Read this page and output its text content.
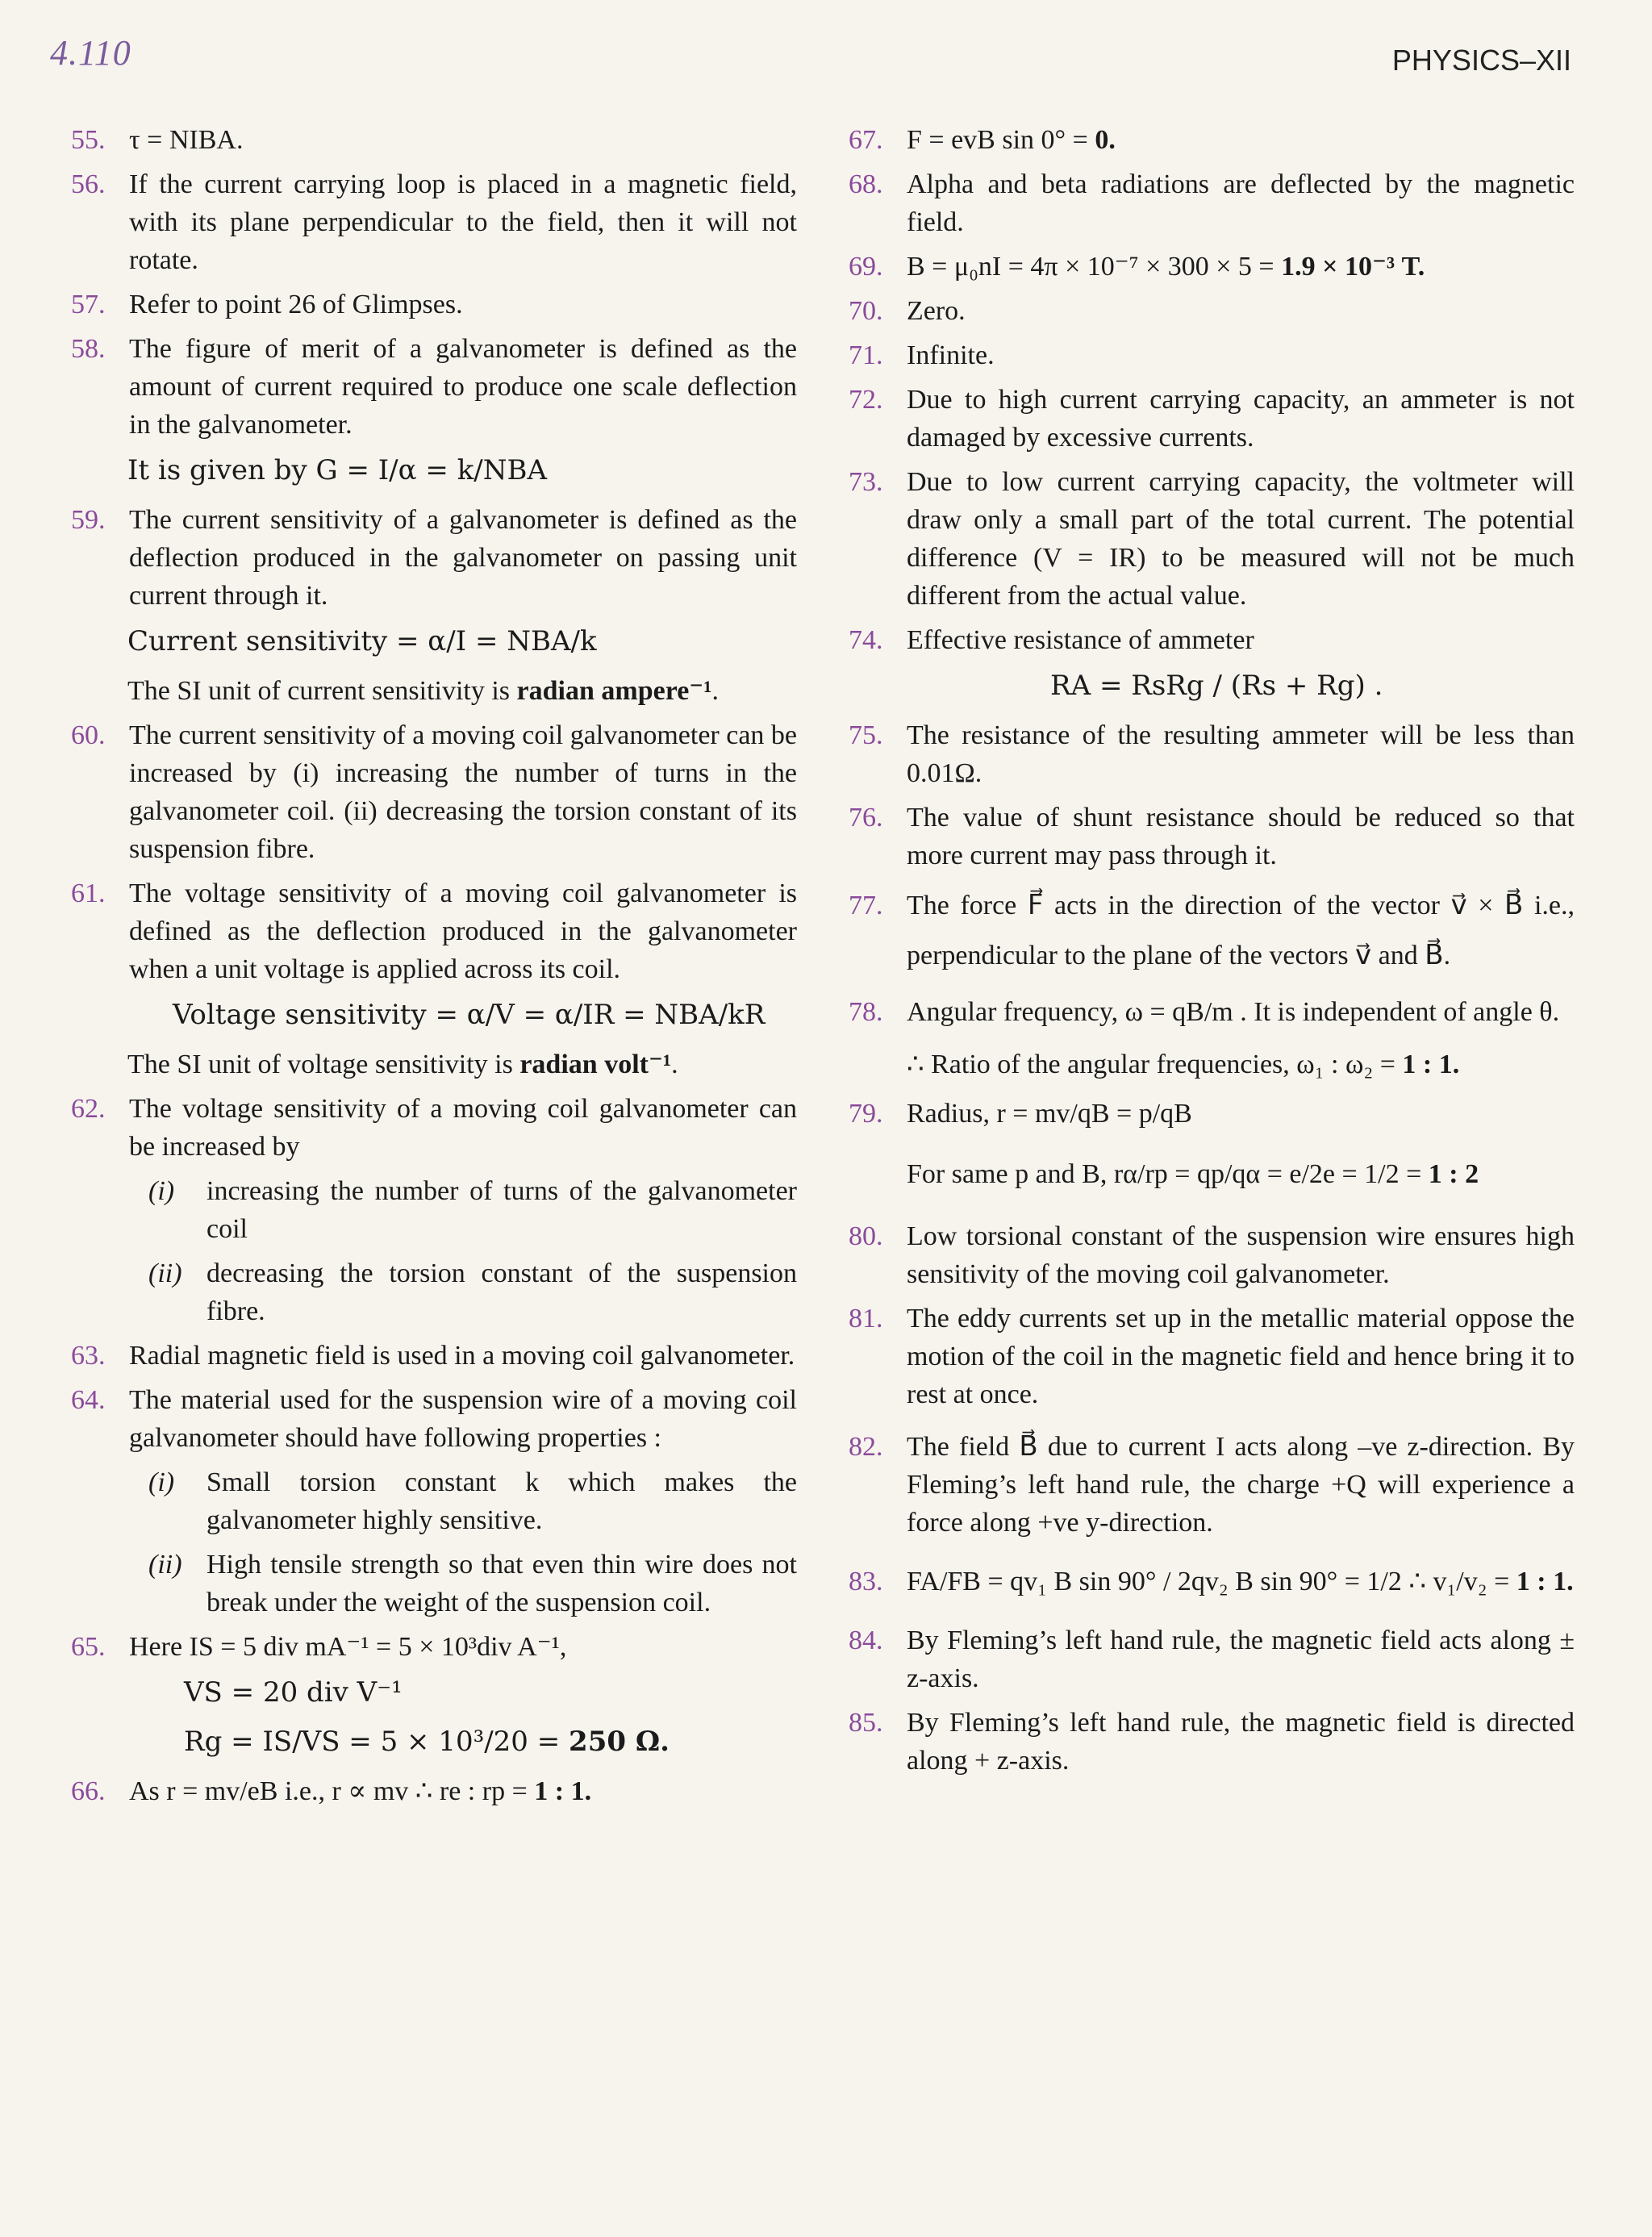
4.110	PHYSICS–XII
55. τ = NIBA.
56. If the current carrying loop is placed in a magnetic field, with its plane perpendicular to the field, then it will not rotate.
57. Refer to point 26 of Glimpses.
58. The figure of merit of a galvanometer is defined as the amount of current required to produce one scale deflection in the galvanometer.
It is given by G = I/α = k/NBA
59. The current sensitivity of a galvanometer is defined as the deflection produced in the galvanometer on passing unit current through it.
Current sensitivity = α/I = NBA/k
The SI unit of current sensitivity is radian ampere⁻¹.
60. The current sensitivity of a moving coil galvanometer can be increased by (i) increasing the number of turns in the galvanometer coil. (ii) decreasing the torsion constant of its suspension fibre.
61. The voltage sensitivity of a moving coil galvanometer is defined as the deflection produced in the galvanometer when a unit voltage is applied across its coil.
Voltage sensitivity = α/V = α/IR = NBA/kR
The SI unit of voltage sensitivity is radian volt⁻¹.
62. The voltage sensitivity of a moving coil galvanometer can be increased by
(i) increasing the number of turns of the galvanometer coil
(ii) decreasing the torsion constant of the suspension fibre.
63. Radial magnetic field is used in a moving coil galvanometer.
64. The material used for the suspension wire of a moving coil galvanometer should have following properties :
(i) Small torsion constant k which makes the galvanometer highly sensitive.
(ii) High tensile strength so that even thin wire does not break under the weight of the suspension coil.
65. Here IS = 5 div mA⁻¹ = 5 × 10³div A⁻¹,
VS = 20 div V⁻¹
Rg = IS/VS = 5 × 10³/20 = 250 Ω.
66. As r = mv/eB i.e., r ∝ mv ∴ re : rp = 1 : 1.
67. F = evB sin 0° = 0.
68. Alpha and beta radiations are deflected by the magnetic field.
69. B = μ₀nI = 4π × 10⁻⁷ × 300 × 5 = 1.9 × 10⁻³ T.
70. Zero.
71. Infinite.
72. Due to high current carrying capacity, an ammeter is not damaged by excessive currents.
73. Due to low current carrying capacity, the voltmeter will draw only a small part of the total current. The potential difference (V = IR) to be measured will not be much different from the actual value.
74. Effective resistance of ammeter
RA = RsRg / (Rs + Rg) .
75. The resistance of the resulting ammeter will be less than 0.01Ω.
76. The value of shunt resistance should be reduced so that more current may pass through it.
77. The force F⃗ acts in the direction of the vector v⃗ × B⃗ i.e., perpendicular to the plane of the vectors v⃗ and B⃗.
78. Angular frequency, ω = qB/m . It is independent of angle θ.
∴ Ratio of the angular frequencies, ω₁ : ω₂ = 1 : 1.
79. Radius, r = mv/qB = p/qB
For same p and B, rα/rp = qp/qα = e/2e = 1/2 = 1 : 2
80. Low torsional constant of the suspension wire ensures high sensitivity of the moving coil galvanometer.
81. The eddy currents set up in the metallic material oppose the motion of the coil in the magnetic field and hence bring it to rest at once.
82. The field B⃗ due to current I acts along –ve z-direction. By Fleming’s left hand rule, the charge +Q will experience a force along +ve y-direction.
83. FA/FB = qv₁ B sin 90° / 2qv₂ B sin 90° = 1/2 ∴ v₁/v₂ = 1 : 1.
84. By Fleming’s left hand rule, the magnetic field acts along ± z-axis.
85. By Fleming’s left hand rule, the magnetic field is directed along + z-axis.
